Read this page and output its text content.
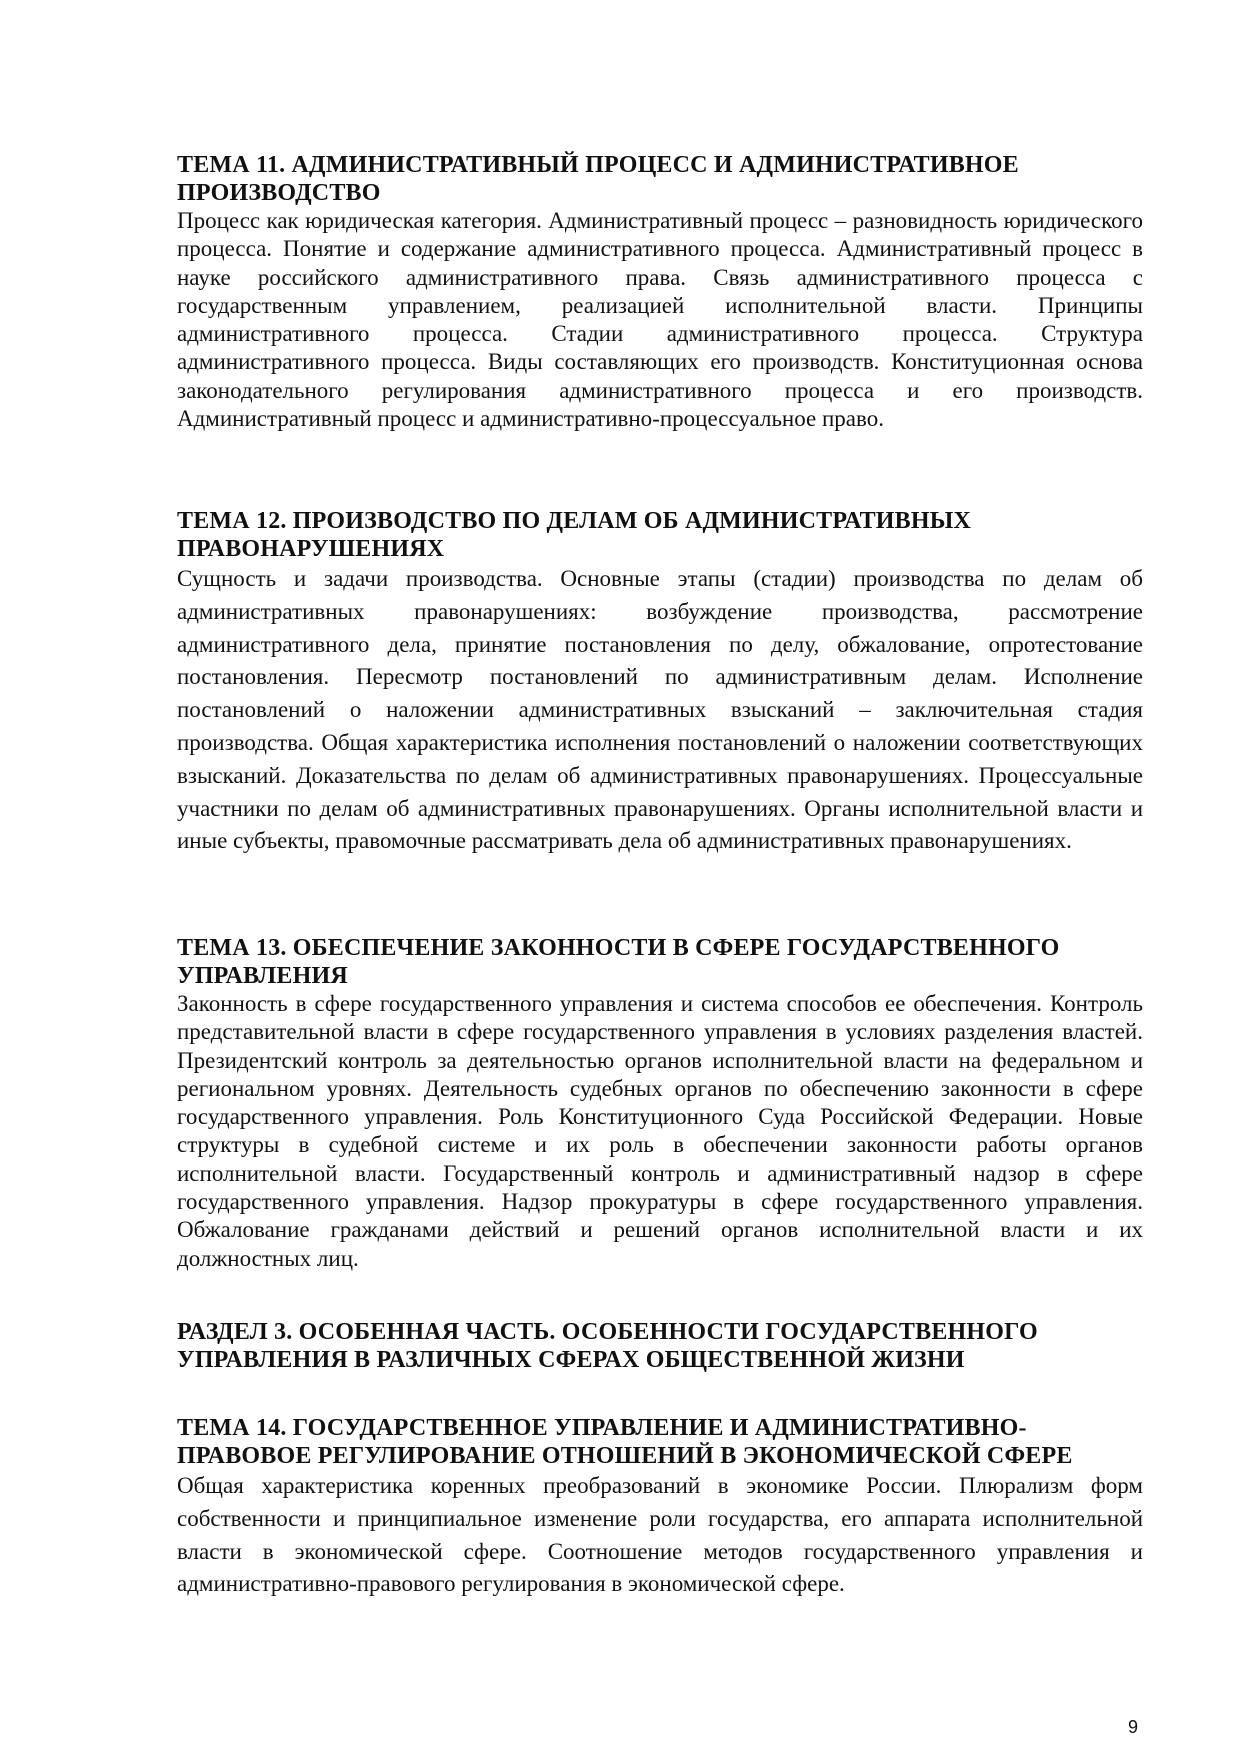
ТЕМА 11. АДМИНИСТРАТИВНЫЙ ПРОЦЕСС И АДМИНИСТРАТИВНОЕ ПРОИЗВОДСТВО

Процесс как юридическая категория. Административный процесс – разновидность юридического процесса. Понятие и содержание административного процесса. Административный процесс в науке российского административного права. Связь административного процесса с государственным управлением, реализацией исполнительной власти. Принципы административного процесса. Стадии административного процесса. Структура административного процесса. Виды составляющих его производств. Конституционная основа законодательного регулирования административного процесса и его производств. Административный процесс и административно-процессуальное право.

ТЕМА 12. ПРОИЗВОДСТВО ПО ДЕЛАМ ОБ АДМИНИСТРАТИВНЫХ ПРАВОНАРУШЕНИЯХ

Сущность и задачи производства. Основные этапы (стадии) производства по делам об административных правонарушениях: возбуждение производства, рассмотрение административного дела, принятие постановления по делу, обжалование, опротестование постановления. Пересмотр постановлений по административным делам. Исполнение постановлений о наложении административных взысканий – заключительная стадия производства. Общая характеристика исполнения постановлений о наложении соответствующих взысканий. Доказательства по делам об административных правонарушениях. Процессуальные участники по делам об административных правонарушениях. Органы исполнительной власти и иные субъекты, правомочные рассматривать дела об административных правонарушениях.

ТЕМА 13. ОБЕСПЕЧЕНИЕ ЗАКОННОСТИ В СФЕРЕ ГОСУДАРСТВЕННОГО УПРАВЛЕНИЯ

Законность в сфере государственного управления и система способов ее обеспечения. Контроль представительной власти в сфере государственного управления в условиях разделения властей. Президентский контроль за деятельностью органов исполнительной власти на федеральном и региональном уровнях. Деятельность судебных органов по обеспечению законности в сфере государственного управления. Роль Конституционного Суда Российской Федерации. Новые структуры в судебной системе и их роль в обеспечении законности работы органов исполнительной власти. Государственный контроль и административный надзор в сфере государственного управления. Надзор прокуратуры в сфере государственного управления. Обжалование гражданами действий и решений органов исполнительной власти и их должностных лиц.

РАЗДЕЛ 3. ОСОБЕННАЯ ЧАСТЬ. ОСОБЕННОСТИ ГОСУДАРСТВЕННОГО УПРАВЛЕНИЯ В РАЗЛИЧНЫХ СФЕРАХ ОБЩЕСТВЕННОЙ ЖИЗНИ
ТЕМА 14. ГОСУДАРСТВЕННОЕ УПРАВЛЕНИЕ И АДМИНИСТРАТИВНО-ПРАВОВОЕ РЕГУЛИРОВАНИЕ ОТНОШЕНИЙ В ЭКОНОМИЧЕСКОЙ СФЕРЕ

Общая характеристика коренных преобразований в экономике России. Плюрализм форм собственности и принципиальное изменение роли государства, его аппарата исполнительной власти в экономической сфере. Соотношение методов государственного управления и административно-правового регулирования в экономической сфере.

9
